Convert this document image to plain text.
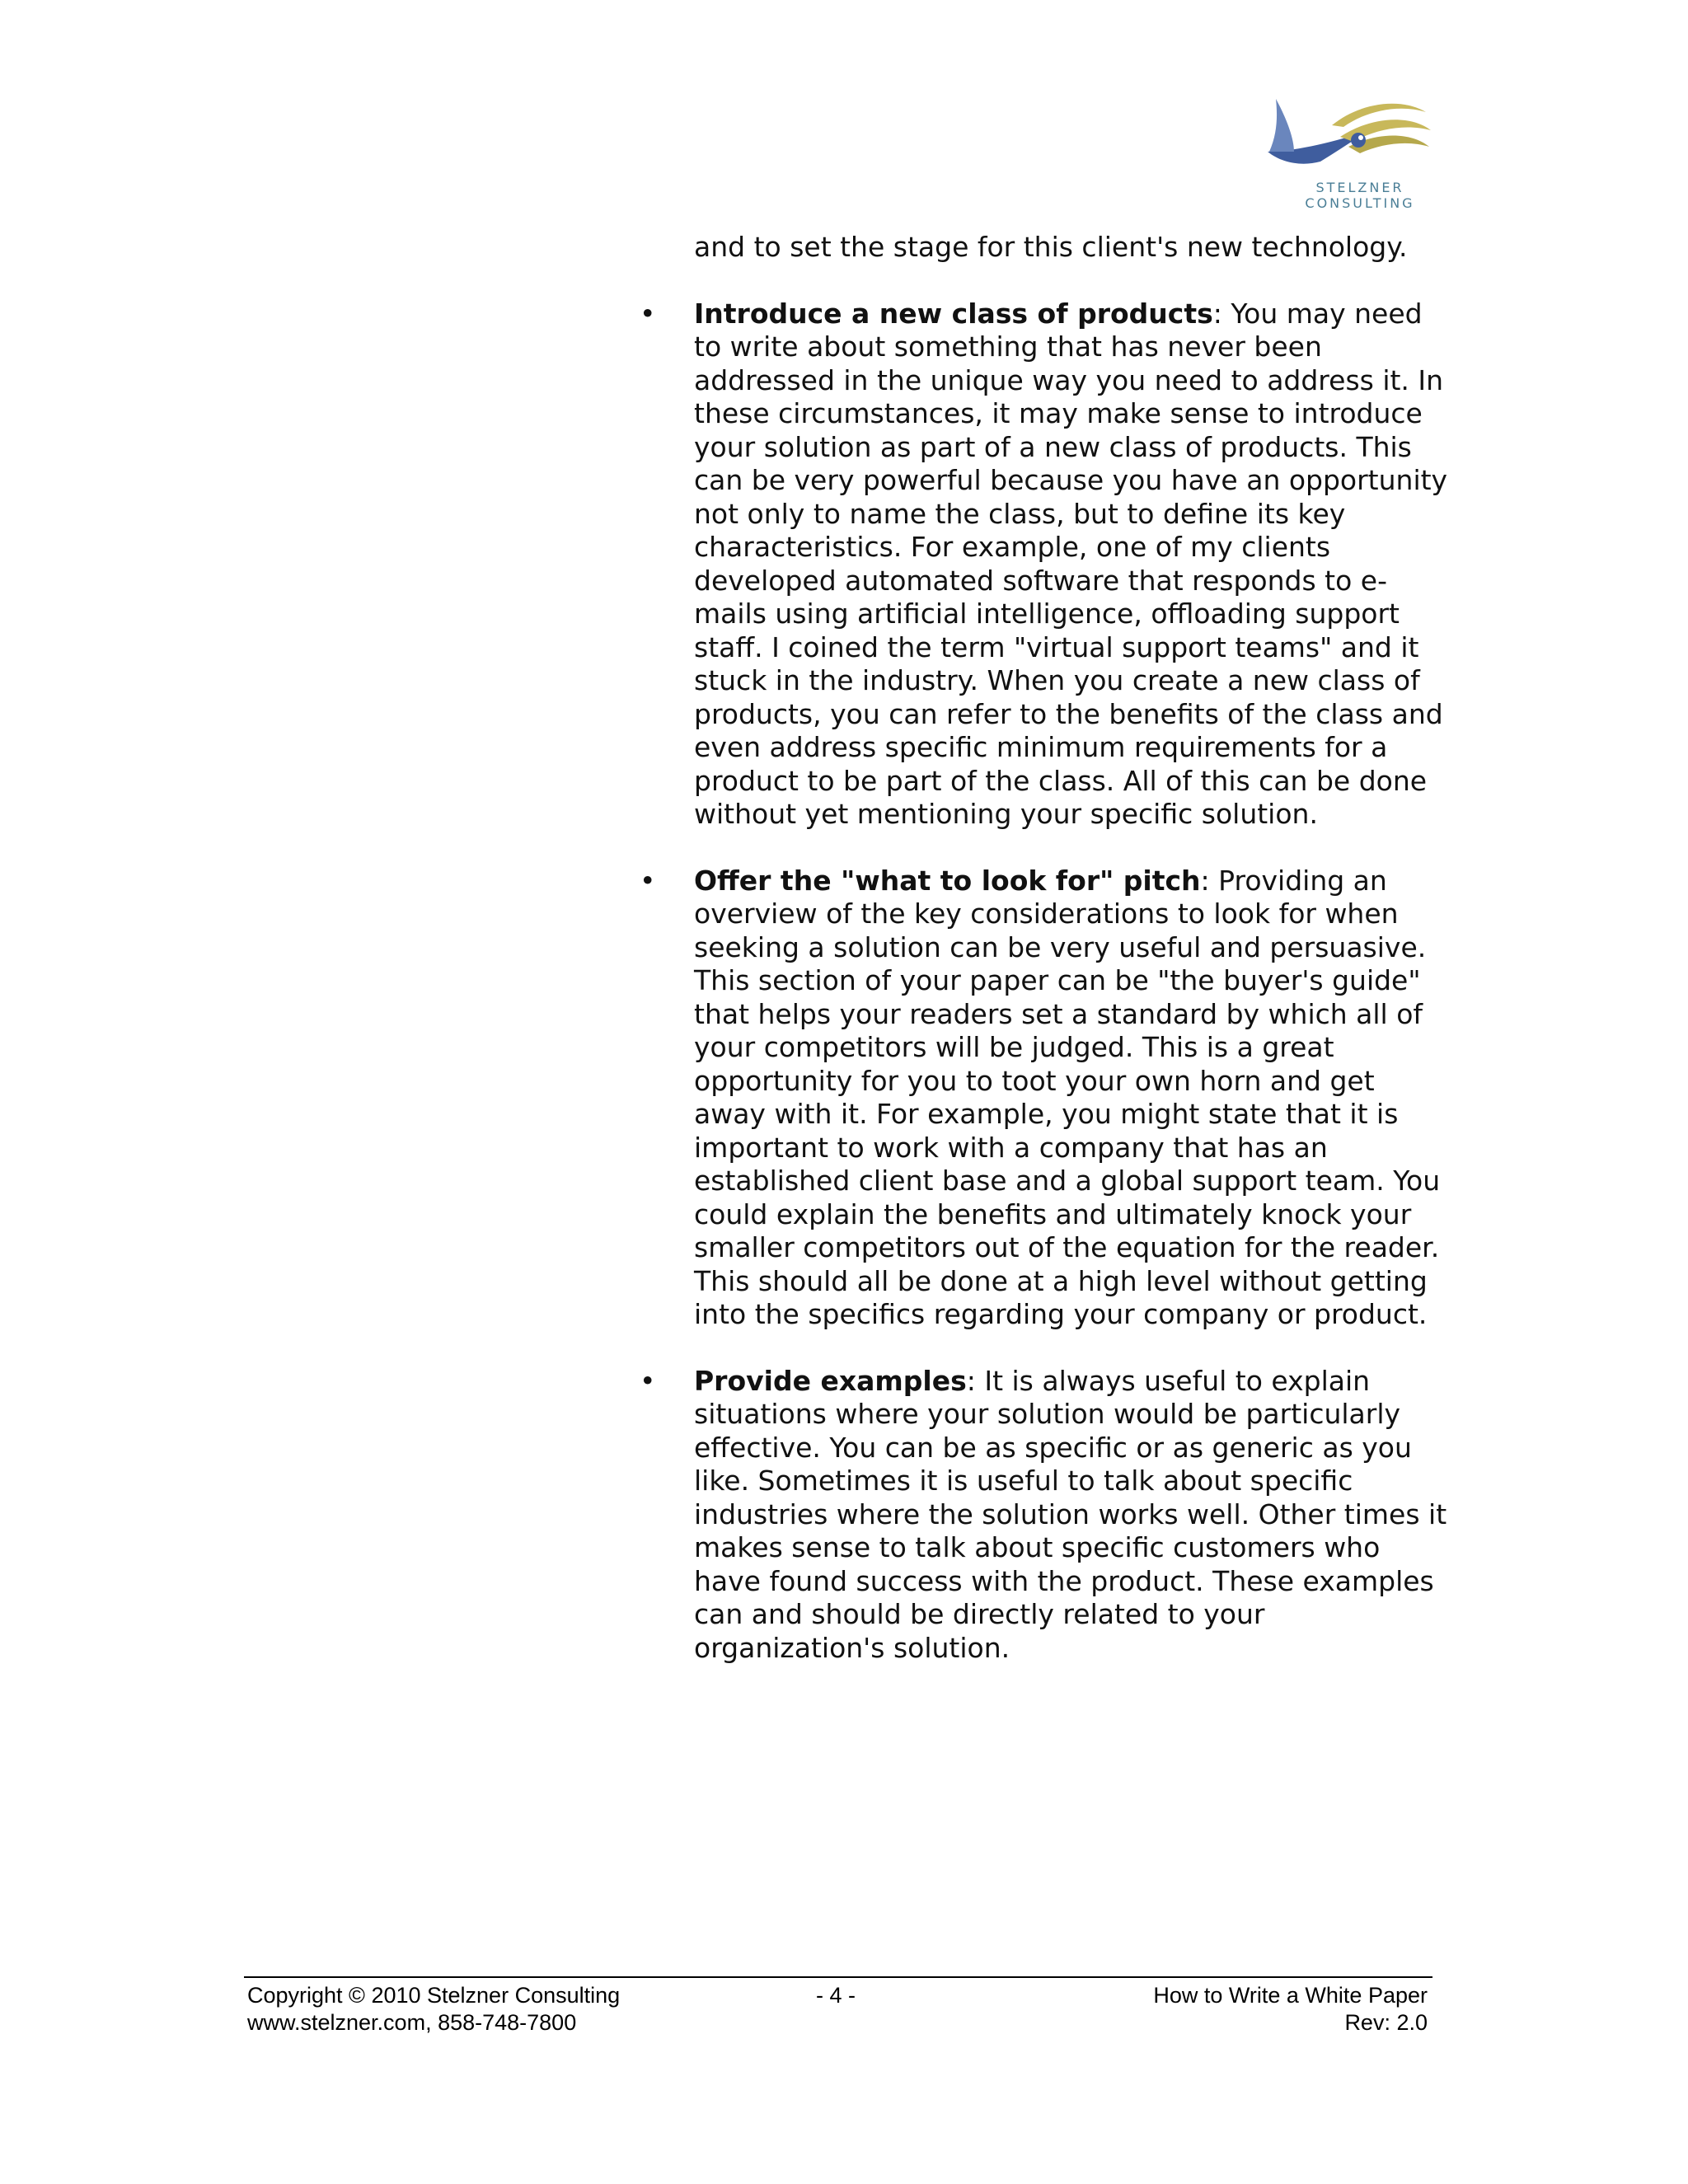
STELZNER CONSULTING

and to set the stage for this client's new technology.

•	Introduce a new class of products: You may need to write about something that has never been addressed in the unique way you need to address it. In these circumstances, it may make sense to introduce your solution as part of a new class of products. This can be very powerful because you have an opportunity not only to name the class, but to define its key characteristics. For example, one of my clients developed automated software that responds to e-mails using artificial intelligence, offloading support staff. I coined the term "virtual support teams" and it stuck in the industry. When you create a new class of products, you can refer to the benefits of the class and even address specific minimum requirements for a product to be part of the class. All of this can be done without yet mentioning your specific solution.
•	Offer the "what to look for" pitch: Providing an overview of the key considerations to look for when seeking a solution can be very useful and persuasive. This section of your paper can be "the buyer's guide" that helps your readers set a standard by which all of your competitors will be judged. This is a great opportunity for you to toot your own horn and get away with it. For example, you might state that it is important to work with a company that has an established client base and a global support team. You could explain the benefits and ultimately knock your smaller competitors out of the equation for the reader. This should all be done at a high level without getting into the specifics regarding your company or product.
•	Provide examples: It is always useful to explain situations where your solution would be particularly effective. You can be as specific or as generic as you like. Sometimes it is useful to talk about specific industries where the solution works well. Other times it makes sense to talk about specific customers who have found success with the product. These examples can and should be directly related to your organization's solution.
Copyright © 2010 Stelzner Consulting	- 4 -	How to Write a White Paper
www.stelzner.com, 858-748-7800	Rev: 2.0
